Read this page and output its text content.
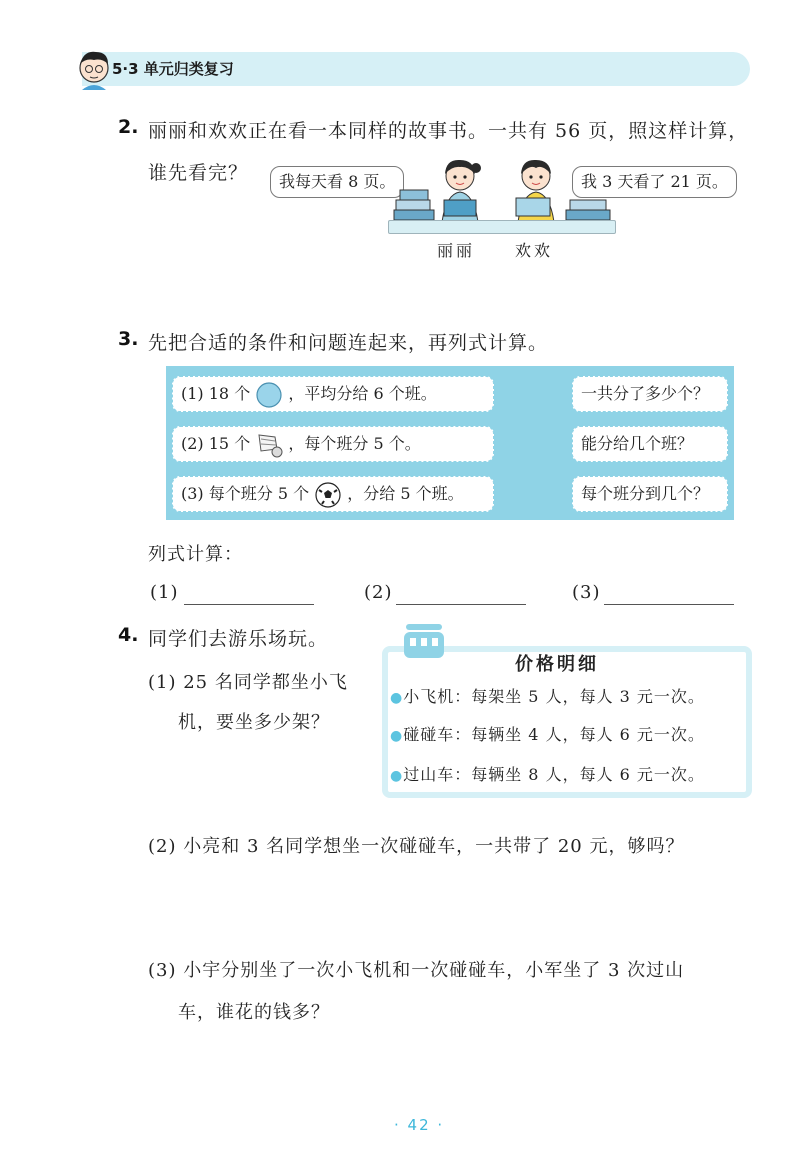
5·3 单元归类复习
2. 丽丽和欢欢正在看一本同样的故事书。一共有 56 页，照这样计算，
谁先看完？	我每天看 8 页。	我 3 天看了 21 页。
丽丽 欢欢
3. 先把合适的条件和问题连起来，再列式计算。
(1) 18 个 ，平均分给 6 个班。
(2) 15 个 ，每个班分 5 个。
(3) 每个班分 5 个 ，分给 5 个班。
一共分了多少个？
能分给几个班？
每个班分到几个？
列式计算：
(1)	(2)	(3)
4. 同学们去游乐场玩。
(1) 25 名同学都坐小飞
机，要坐多少架？
价格明细
●小飞机：每架坐 5 人，每人 3 元一次。
●碰碰车：每辆坐 4 人，每人 6 元一次。
●过山车：每辆坐 8 人，每人 6 元一次。
(2) 小亮和 3 名同学想坐一次碰碰车，一共带了 20 元，够吗？
(3) 小宇分别坐了一次小飞机和一次碰碰车，小军坐了 3 次过山
车，谁花的钱多？
· 42 ·
